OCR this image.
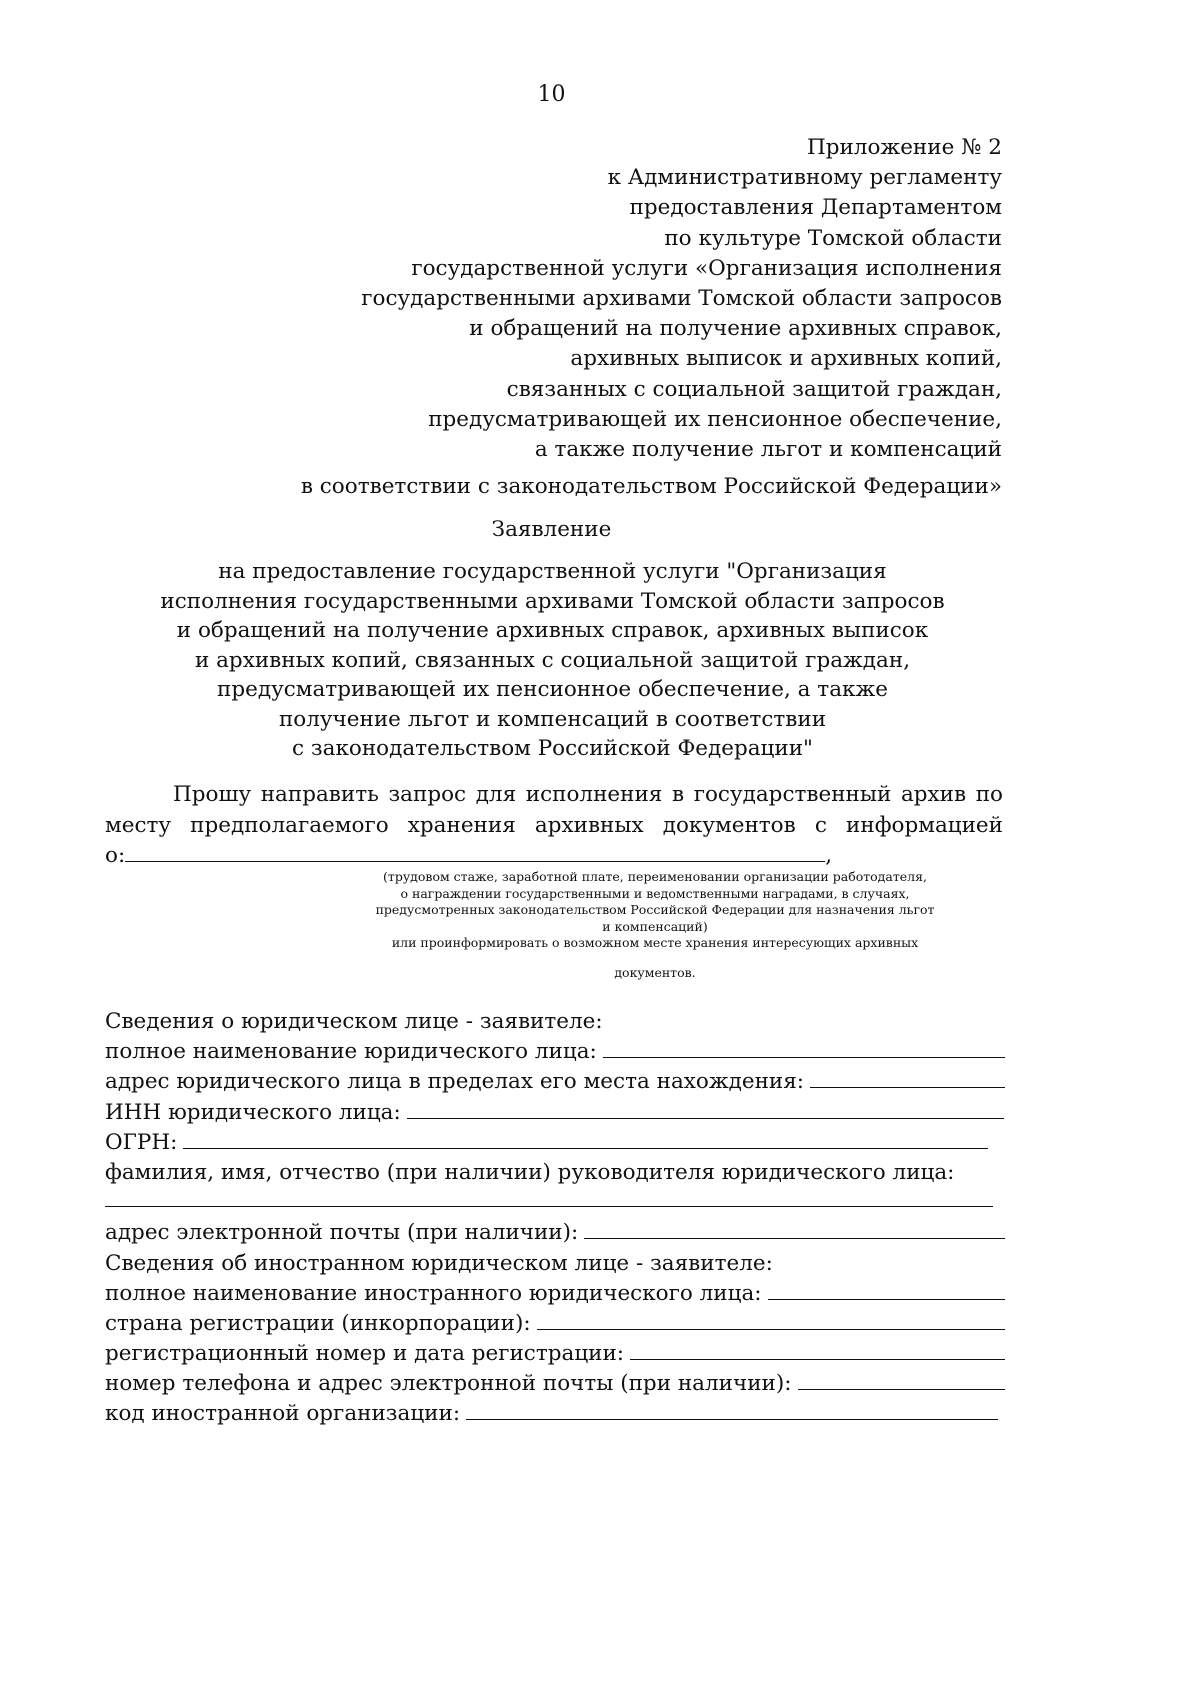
10
Приложение № 2
к Административному регламенту
предоставления Департаментом
по культуре Томской области
государственной услуги «Организация исполнения
государственными архивами Томской области запросов
и обращений на получение архивных справок,
архивных выписок и архивных копий,
связанных с социальной защитой граждан,
предусматривающей их пенсионное обеспечение,
а также получение льгот и компенсаций
в соответствии с законодательством Российской Федерации»
Заявление
на предоставление государственной услуги "Организация
исполнения государственными архивами Томской области запросов
и обращений на получение архивных справок, архивных выписок
и архивных копий, связанных с социальной защитой граждан,
предусматривающей их пенсионное обеспечение, а также
получение льгот и компенсаций в соответствии
с законодательством Российской Федерации"
Прошу направить запрос для исполнения в государственный архив по
месту предполагаемого хранения архивных документов с информацией
о:	,
(трудовом стаже, заработной плате, переименовании организации работодателя,
о награждении государственными и ведомственными наградами, в случаях,
предусмотренных законодательством Российской Федерации для назначения льгот
и компенсаций)
или проинформировать о возможном месте хранения интересующих архивных
документов.
Сведения о юридическом лице - заявителе:
полное наименование юридического лица:
адрес юридического лица в пределах его места нахождения:
ИНН юридического лица:
ОГРН:
фамилия, имя, отчество (при наличии) руководителя юридического лица:
адрес электронной почты (при наличии):
Сведения об иностранном юридическом лице - заявителе:
полное наименование иностранного юридического лица:
страна регистрации (инкорпорации):
регистрационный номер и дата регистрации:
номер телефона и адрес электронной почты (при наличии):
код иностранной организации:
